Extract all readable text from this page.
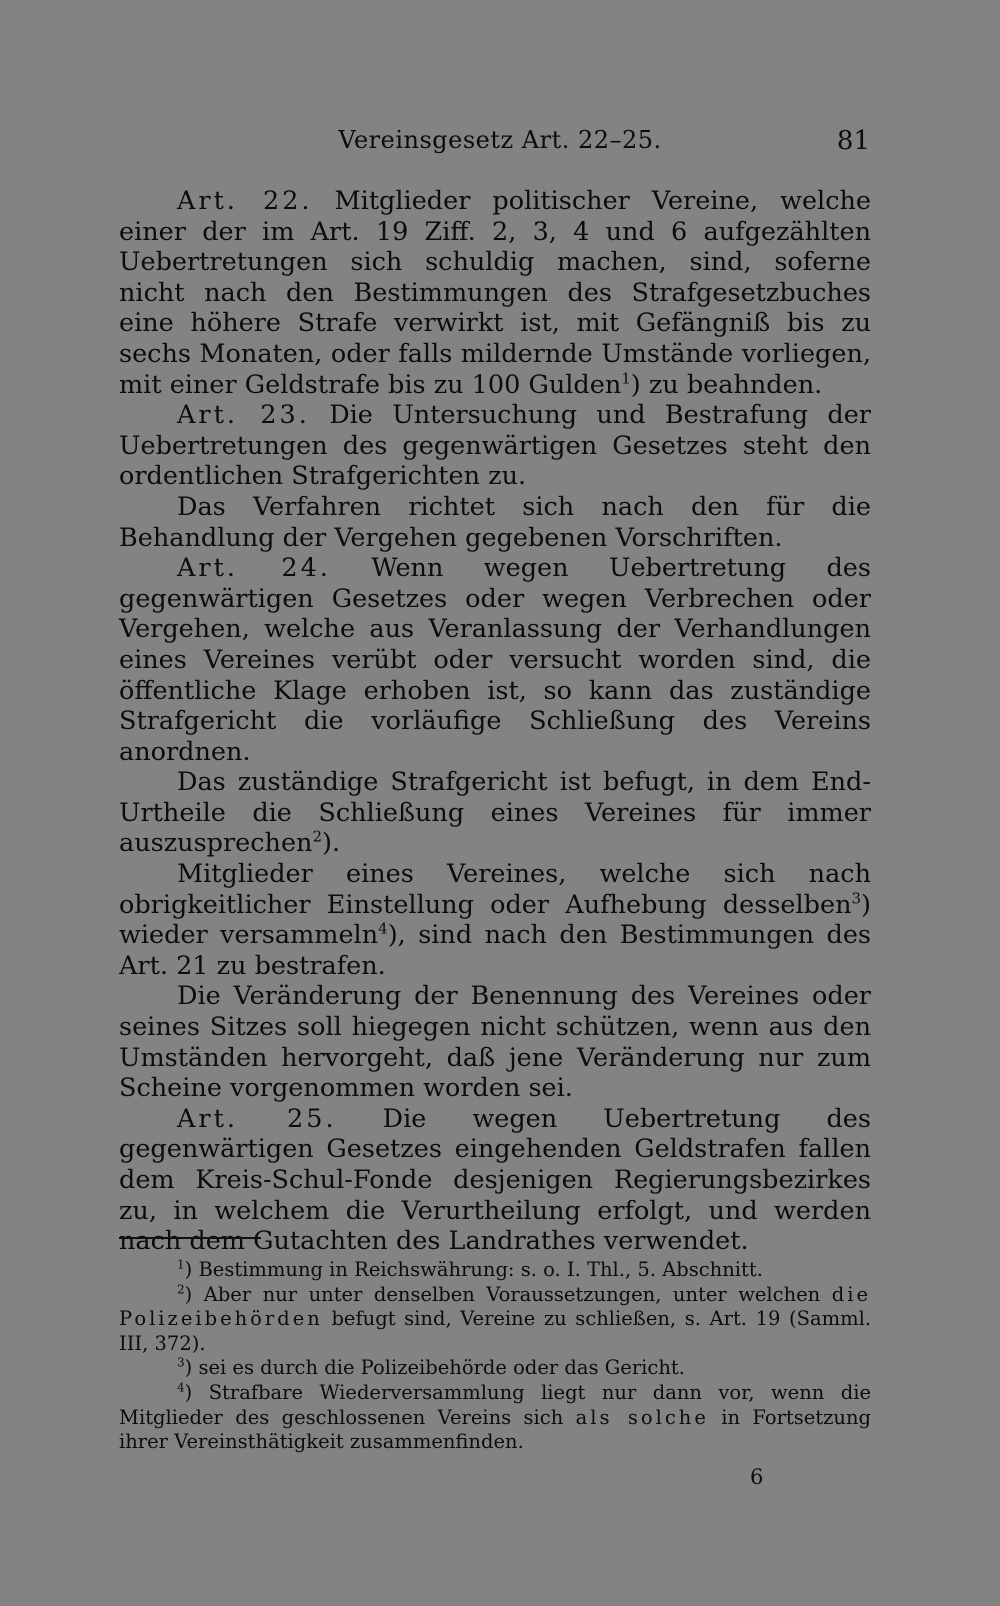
Vereinsgesetz Art. 22–25.	81

Art. 22. Mitglieder politischer Vereine, welche einer der im Art. 19 Ziff. 2, 3, 4 und 6 aufgezählten Uebertretungen sich schuldig machen, sind, soferne nicht nach den Bestimmungen des Strafgesetzbuches eine höhere Strafe verwirkt ist, mit Gefängniß bis zu sechs Monaten, oder falls mildernde Umstände vorliegen, mit einer Geldstrafe bis zu 100 Gulden$^1$) zu beahnden.

Art. 23. Die Untersuchung und Bestrafung der Uebertretungen des gegenwärtigen Gesetzes steht den ordentlichen Strafgerichten zu.

Das Verfahren richtet sich nach den für die Behandlung der Vergehen gegebenen Vorschriften.

Art. 24. Wenn wegen Uebertretung des gegenwärtigen Gesetzes oder wegen Verbrechen oder Vergehen, welche aus Veranlassung der Verhandlungen eines Vereines verübt oder versucht worden sind, die öffentliche Klage erhoben ist, so kann das zuständige Strafgericht die vorläufige Schließung des Vereins anordnen.

Das zuständige Strafgericht ist befugt, in dem End-Urtheile die Schließung eines Vereines für immer auszusprechen$^2$).

Mitglieder eines Vereines, welche sich nach obrigkeitlicher Einstellung oder Aufhebung desselben$^3$) wieder versammeln$^4$), sind nach den Bestimmungen des Art. 21 zu bestrafen.

Die Veränderung der Benennung des Vereines oder seines Sitzes soll hiegegen nicht schützen, wenn aus den Umständen hervorgeht, daß jene Veränderung nur zum Scheine vorgenommen worden sei.

Art. 25. Die wegen Uebertretung des gegenwärtigen Gesetzes eingehenden Geldstrafen fallen dem Kreis-Schul-Fonde desjenigen Regierungsbezirkes zu, in welchem die Verurtheilung erfolgt, und werden nach dem Gutachten des Landrathes verwendet.

$^1$) Bestimmung in Reichswährung: s. o. I. Thl., 5. Abschnitt.

$^2$) Aber nur unter denselben Voraussetzungen, unter welchen die Polizeibehörden befugt sind, Vereine zu schließen, s. Art. 19 (Samml. III, 372).

$^3$) sei es durch die Polizeibehörde oder das Gericht.

$^4$) Strafbare Wiederversammlung liegt nur dann vor, wenn die Mitglieder des geschlossenen Vereins sich als solche in Fortsetzung ihrer Vereinsthätigkeit zusammenfinden.

6
